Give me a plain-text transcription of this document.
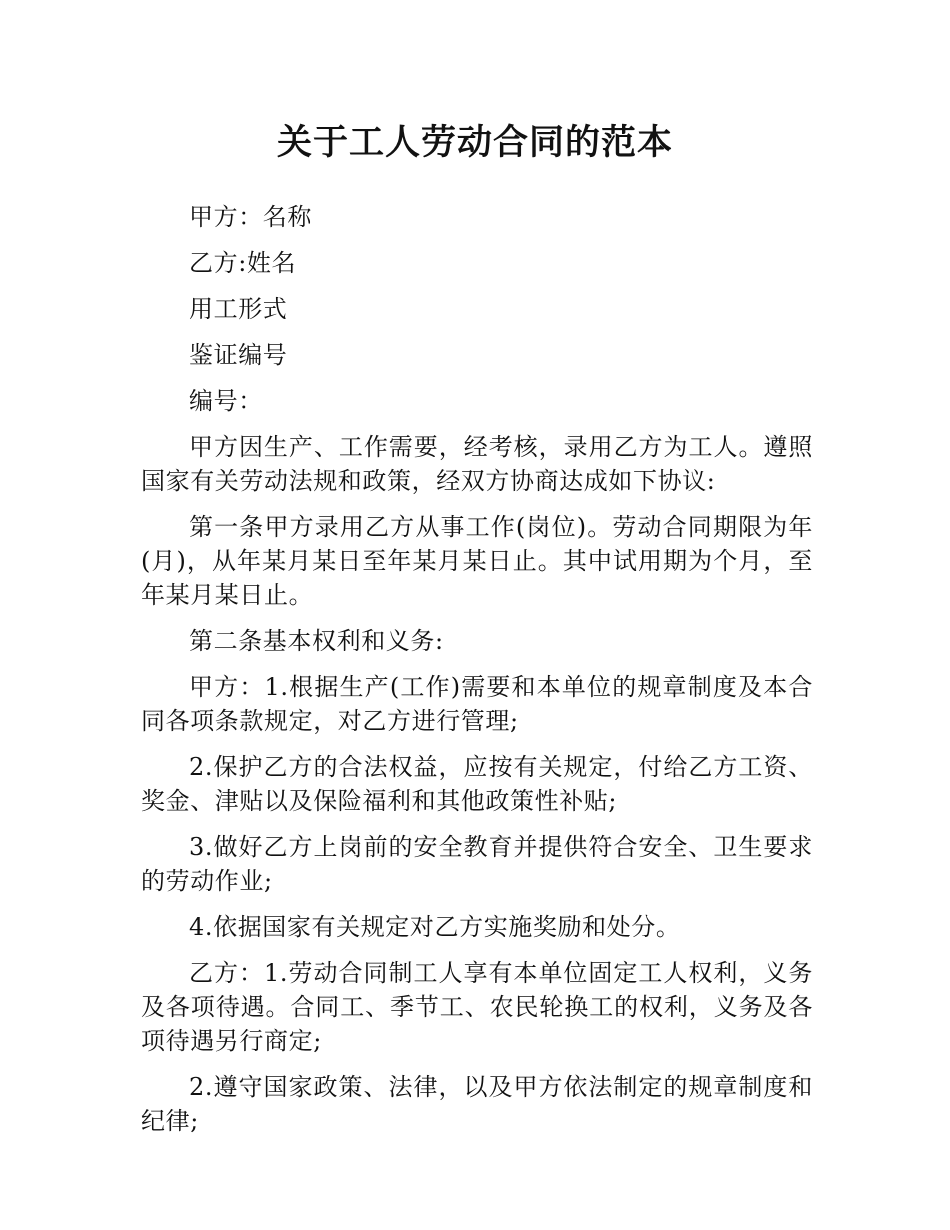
关于工人劳动合同的范本

甲方：名称

乙方:姓名

用工形式

鉴证编号

编号：

甲方因生产、工作需要，经考核，录用乙方为工人。遵照国家有关劳动法规和政策，经双方协商达成如下协议:

第一条甲方录用乙方从事工作(岗位)。劳动合同期限为年(月)，从年某月某日至年某月某日止。其中试用期为个月，至年某月某日止。

第二条基本权利和义务:

甲方：1.根据生产(工作)需要和本单位的规章制度及本合同各项条款规定，对乙方进行管理;

2.保护乙方的合法权益，应按有关规定，付给乙方工资、奖金、津贴以及保险福利和其他政策性补贴;

3.做好乙方上岗前的安全教育并提供符合安全、卫生要求的劳动作业;

4.依据国家有关规定对乙方实施奖励和处分。

乙方：1.劳动合同制工人享有本单位固定工人权利，义务及各项待遇。合同工、季节工、农民轮换工的权利，义务及各项待遇另行商定;

2.遵守国家政策、法律，以及甲方依法制定的规章制度和纪律;
